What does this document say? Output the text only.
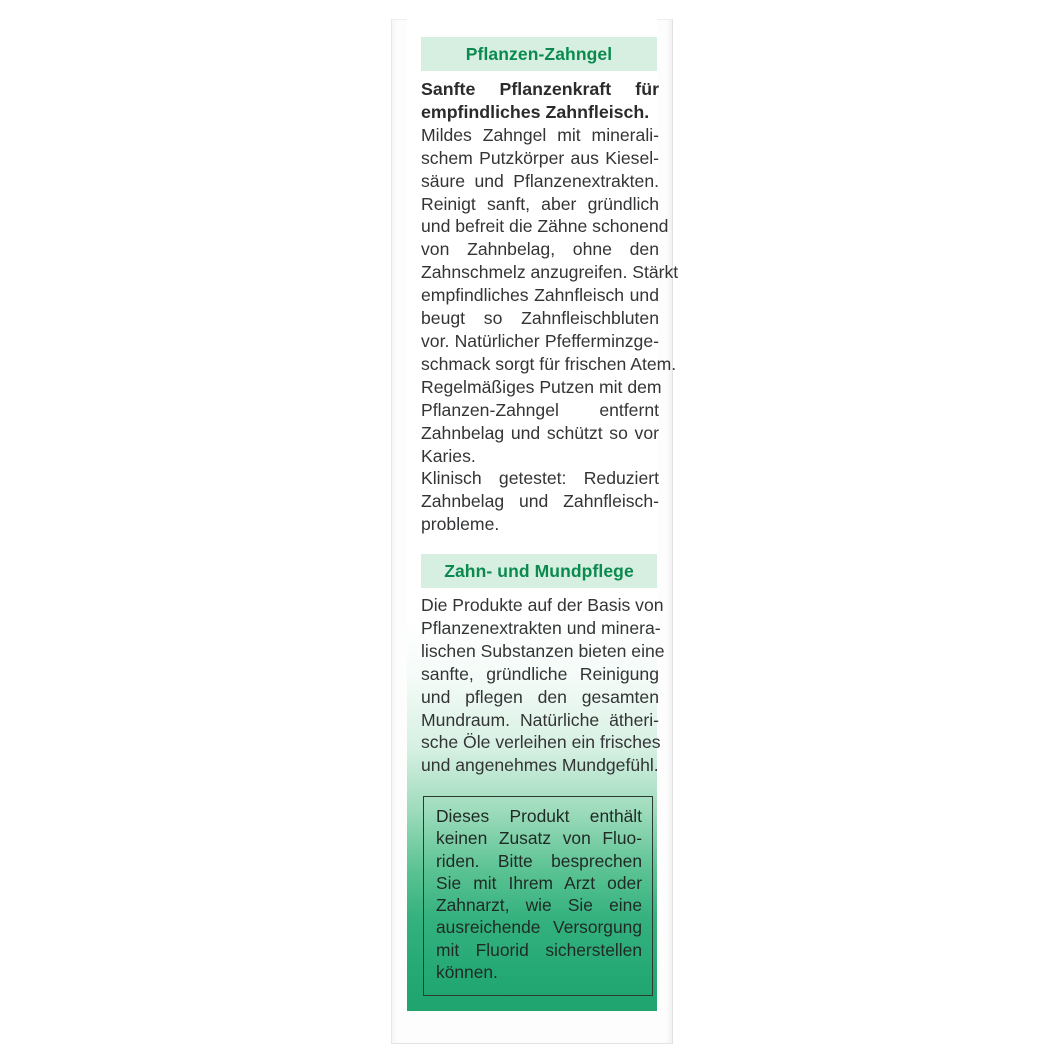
Pflanzen-Zahngel
Sanfte Pflanzenkraft für
empfindliches Zahnfleisch.
Mildes Zahngel mit minerali-
schem Putzkörper aus Kiesel-
säure und Pflanzenextrakten.
Reinigt sanft, aber gründlich
und befreit die Zähne schonend
von Zahnbelag, ohne den
Zahnschmelz anzugreifen. Stärkt
empfindliches Zahnfleisch und
beugt so Zahnfleischbluten
vor. Natürlicher Pfefferminzge-
schmack sorgt für frischen Atem.
Regelmäßiges Putzen mit dem
Pflanzen-Zahngel entfernt
Zahnbelag und schützt so vor
Karies.
Klinisch getestet: Reduziert
Zahnbelag und Zahnfleisch-
probleme.
Zahn- und Mundpflege
Die Produkte auf der Basis von
Pflanzenextrakten und minera-
lischen Substanzen bieten eine
sanfte, gründliche Reinigung
und pflegen den gesamten
Mundraum. Natürliche ätheri-
sche Öle verleihen ein frisches
und angenehmes Mundgefühl.
Dieses Produkt enthält
keinen Zusatz von Fluo-
riden. Bitte besprechen
Sie mit Ihrem Arzt oder
Zahnarzt, wie Sie eine
ausreichende Versorgung
mit Fluorid sicherstellen
können.
